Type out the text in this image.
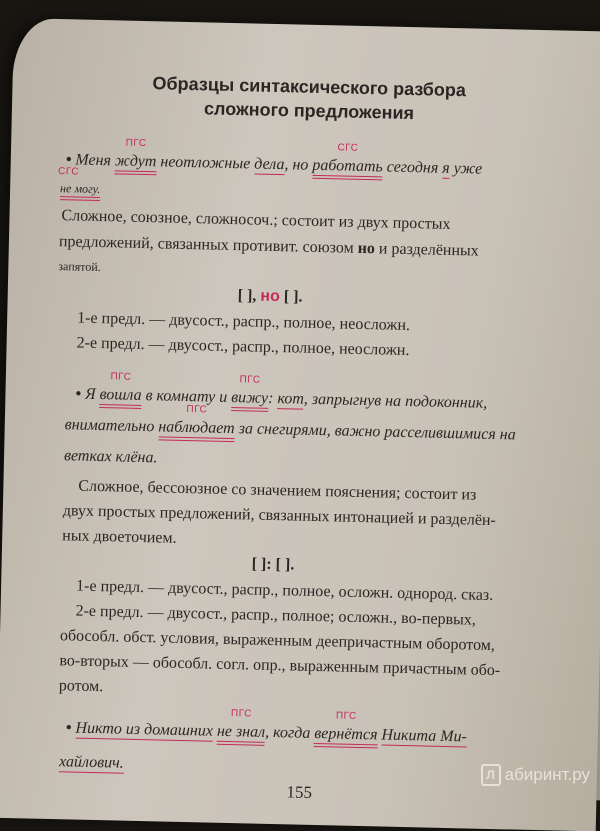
Образцы синтаксического разбора
сложного предложения
• Меня
ПГС
ждут неотложные дела, но
СГС
работать сегодня я уже
СГС
не могу.
Сложное, союзное, сложносоч.; состоит из двух простых
предложений, связанных противит. союзом но и разделённых
запятой.
[ ], но [ ].
1-е предл. — двусост., распр., полное, неосложн.
2-е предл. — двусост., распр., полное, неосложн.
• Я
ПГС
вошла в комнату и
ПГС
вижу: кот, запрыгнув на подоконник,
внимательно
ПГС
наблюдает за снегирями, важно расселившимися на
ветках клёна.
Сложное, бессоюзное со значением пояснения; состоит из
двух простых предложений, связанных интонацией и разделён-
ных двоеточием.
[ ]: [ ].
1-е предл. — двусост., распр., полное, осложн. однород. сказ.
2-е предл. — двусост., распр., полное; осложн., во-первых,
обособл. обст. условия, выраженным деепричастным оборотом,
во-вторых — обособл. согл. опр., выраженным причастным обо-
ротом.
• Никто из домашних
ПГС
не знал, когда
ПГС
вернётся Никита Ми-
хайлович.
155
Л абиринт.ру
